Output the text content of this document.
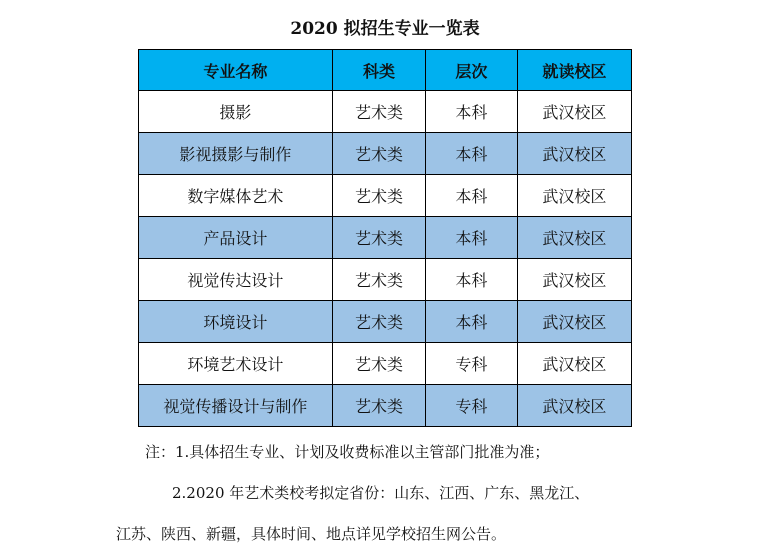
2020 拟招生专业一览表
专业名称	科类	层次	就读校区
摄影	艺术类	本科	武汉校区
影视摄影与制作	艺术类	本科	武汉校区
数字媒体艺术	艺术类	本科	武汉校区
产品设计	艺术类	本科	武汉校区
视觉传达设计	艺术类	本科	武汉校区
环境设计	艺术类	本科	武汉校区
环境艺术设计	艺术类	专科	武汉校区
视觉传播设计与制作	艺术类	专科	武汉校区
注：1.具体招生专业、计划及收费标准以主管部门批准为准；
2.2020 年艺术类校考拟定省份：山东、江西、广东、黑龙江、
江苏、陕西、新疆，具体时间、地点详见学校招生网公告。
